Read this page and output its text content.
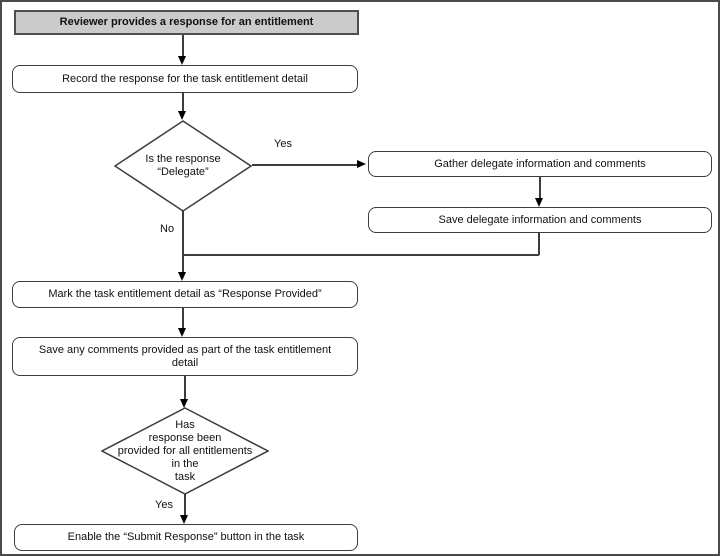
Reviewer provides a response for an entitlement
Record the response for the task entitlement detail
Is the response
“Delegate”
Yes
Gather delegate information and comments
Save delegate information and comments
No
Mark the task entitlement detail as “Response Provided”
Save any comments provided as part of the task entitlement
detail
Has
response been
provided for all entitlements
in the
task
Yes
Enable the “Submit Response” button in the task
